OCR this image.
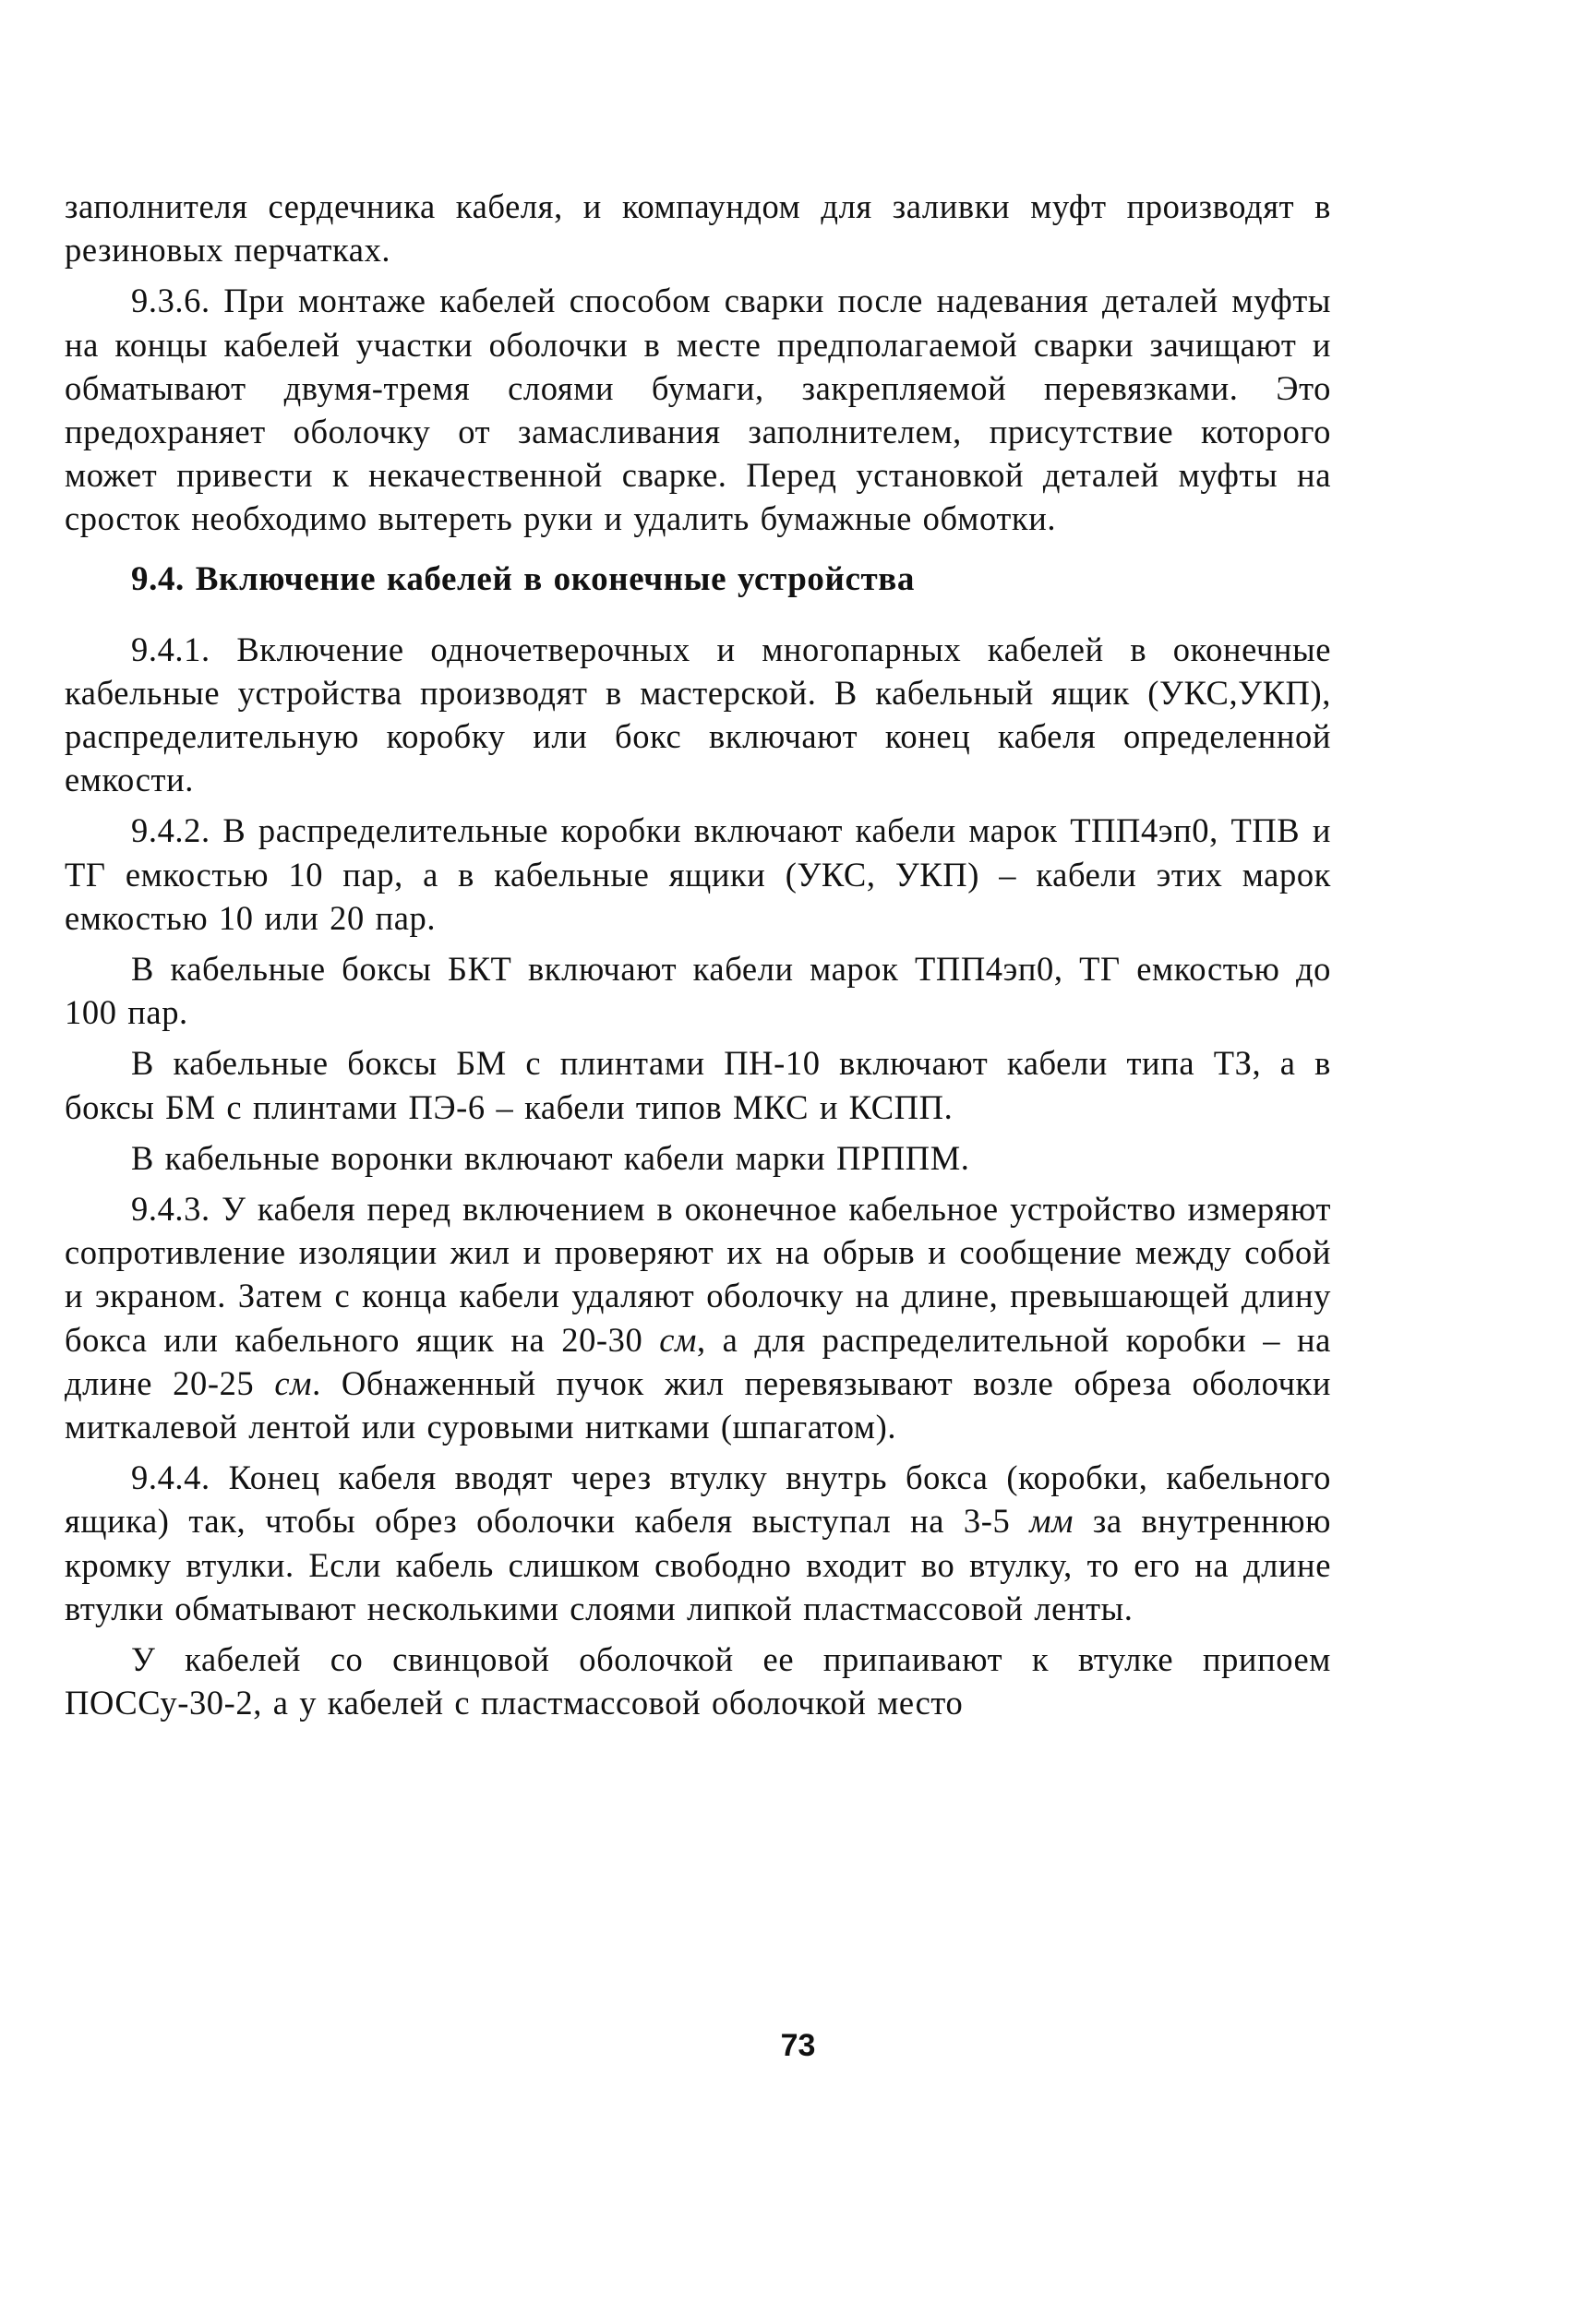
заполнителя сердечника кабеля, и компаундом для заливки муфт производят в резиновых перчатках.

9.3.6. При монтаже кабелей способом сварки после надевания деталей муфты на концы кабелей участки оболочки в месте предполагаемой сварки зачищают и обматывают двумя-тремя слоями бумаги, закрепляемой перевязками. Это предохраняет оболочку от замасливания заполнителем, присутствие которого может привести к некачественной сварке. Перед установкой деталей муфты на сросток необходимо вытереть руки и удалить бумажные обмотки.

9.4. Включение кабелей в оконечные устройства

9.4.1. Включение одночетверочных и многопарных кабелей в оконечные кабельные устройства производят в мастерской. В кабельный ящик (УКС,УКП), распределительную коробку или бокс включают конец кабеля определенной емкости.

9.4.2. В распределительные коробки включают кабели марок ТПП4эп0, ТПВ и ТГ емкостью 10 пар, а в кабельные ящики (УКС, УКП) – кабели этих марок емкостью 10 или 20 пар.

В кабельные боксы БКТ включают кабели марок ТПП4эп0, ТГ емкостью до 100 пар.

В кабельные боксы БМ с плинтами ПН-10 включают кабели типа ТЗ, а в боксы БМ с плинтами ПЭ-6 – кабели типов МКС и КСПП.

В кабельные воронки включают кабели марки ПРППМ.

9.4.3. У кабеля перед включением в оконечное кабельное устройство измеряют сопротивление изоляции жил и проверяют их на обрыв и сообщение между собой и экраном. Затем с конца кабели удаляют оболочку на длине, превышающей длину бокса или кабельного ящик на 20-30 см, а для распределительной коробки – на длине 20-25 см. Обнаженный пучок жил перевязывают возле обреза оболочки миткалевой лентой или суровыми нитками (шпагатом).

9.4.4. Конец кабеля вводят через втулку внутрь бокса (коробки, кабельного ящика) так, чтобы обрез оболочки кабеля выступал на 3-5 мм за внутреннюю кромку втулки. Если кабель слишком свободно входит во втулку, то его на длине втулки обматывают несколькими слоями липкой пластмассовой ленты.

У кабелей со свинцовой оболочкой ее припаивают к втулке припоем ПОССу-30-2, а у кабелей с пластмассовой оболочкой место

73
